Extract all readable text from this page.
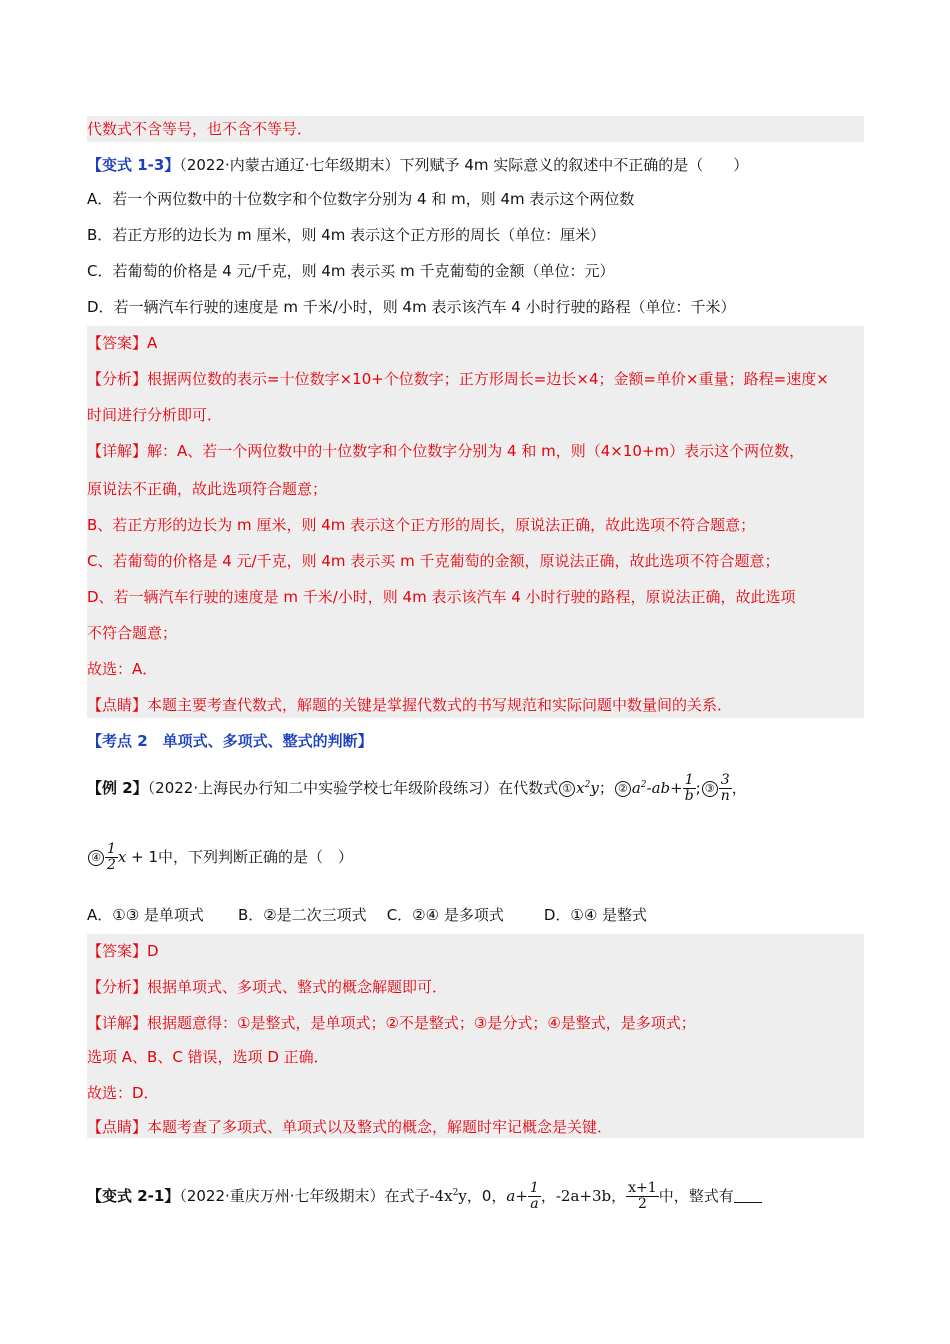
代数式不含等号，也不含不等号．
【变式 1-3】（2022·内蒙古通辽·七年级期末）下列赋予 4m 实际意义的叙述中不正确的是（　　）
A．若一个两位数中的十位数字和个位数字分别为 4 和 m，则 4m 表示这个两位数
B．若正方形的边长为 m 厘米，则 4m 表示这个正方形的周长（单位：厘米）
C．若葡萄的价格是 4 元/千克，则 4m 表示买 m 千克葡萄的金额（单位：元）
D．若一辆汽车行驶的速度是 m 千米/小时，则 4m 表示该汽车 4 小时行驶的路程（单位：千米）
【答案】A
【分析】根据两位数的表示=十位数字×10+个位数字；正方形周长=边长×4；金额=单价×重量；路程=速度×
时间进行分析即可．
【详解】解：A、若一个两位数中的十位数字和个位数字分别为 4 和 m，则（4×10+m）表示这个两位数，
原说法不正确，故此选项符合题意；
B、若正方形的边长为 m 厘米，则 4m 表示这个正方形的周长，原说法正确，故此选项不符合题意；
C、若葡萄的价格是 4 元/千克，则 4m 表示买 m 千克葡萄的金额，原说法正确，故此选项不符合题意；
D、若一辆汽车行驶的速度是 m 千米/小时，则 4m 表示该汽车 4 小时行驶的路程，原说法正确，故此选项
不符合题意；
故选：A．
【点睛】本题主要考查代数式，解题的关键是掌握代数式的书写规范和实际问题中数量间的关系．
【考点 2　单项式、多项式、整式的判断】
【例 2】（2022·上海民办行知二中实验学校七年级阶段练习）在代数式 ① $x^2y$； ② $a^2-ab+ \frac{1}{b}$ ; ③ $\frac{3}{n}$ ，
④ $\frac{1}{2}$ x + 1中，下列判断正确的是（　）
A．①③ 是单项式 B．②是二次三项式 C．②④ 是多项式	D．①④ 是整式
【答案】D
【分析】根据单项式、多项式、整式的概念解题即可．
【详解】根据题意得：①是整式，是单项式；②不是整式；③是分式；④是整式，是多项式；
选项 A、B、C 错误，选项 D 正确．
故选：D．
【点睛】本题考查了多项式、单项式以及整式的概念，解题时牢记概念是关键．
【变式 2-1】（2022·重庆万州·七年级期末）在式子$-4x^2y$，0，$a+ \frac{1}{a}$ ，-2a+3b， $\frac{x+1}{2}$ 中，整式有
